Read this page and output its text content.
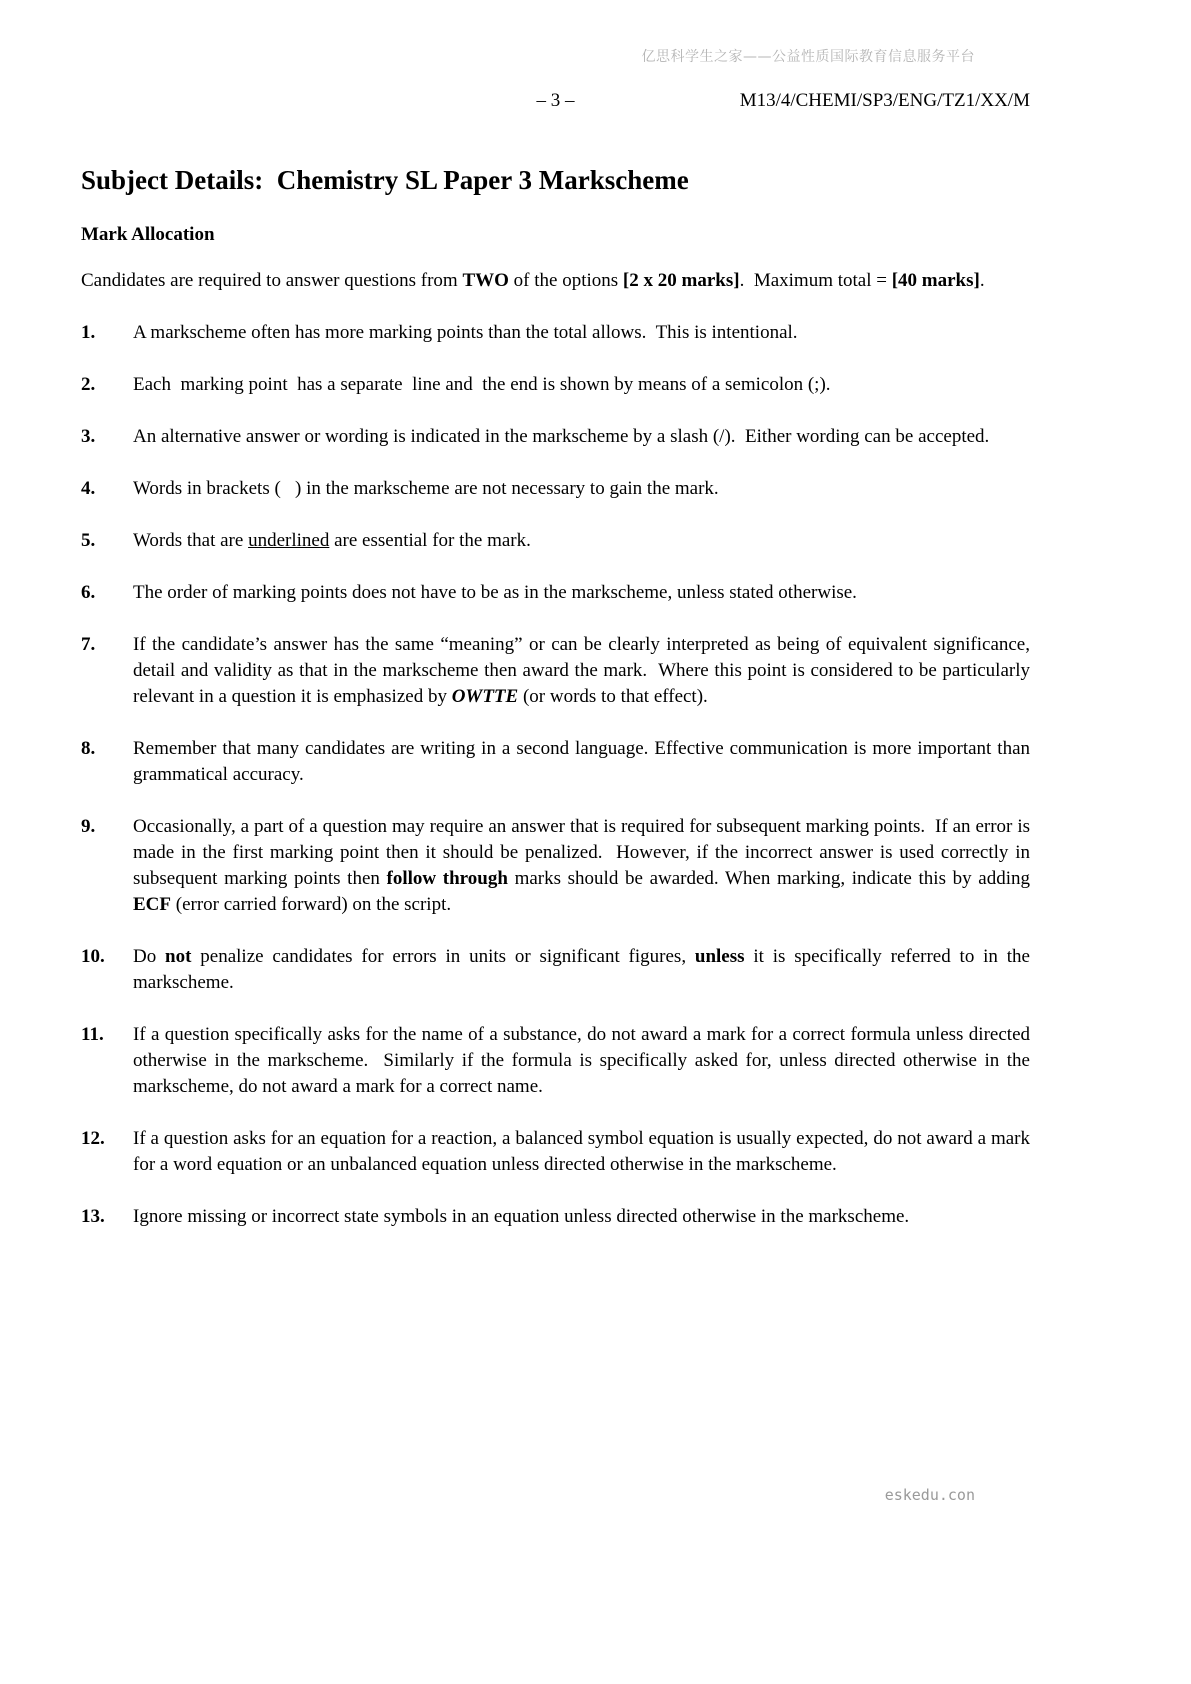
亿思科学生之家——公益性质国际教育信息服务平台
– 3 –	M13/4/CHEMI/SP3/ENG/TZ1/XX/M
Subject Details:  Chemistry SL Paper 3 Markscheme
Mark Allocation

Candidates are required to answer questions from TWO of the options [2 x 20 marks].  Maximum total = [40 marks].

1.	A markscheme often has more marking points than the total allows.  This is intentional.
2.	Each  marking point  has a separate  line and  the end is shown by means of a semicolon (;).
3.	An alternative answer or wording is indicated in the markscheme by a slash (/).  Either wording can be accepted.
4.	Words in brackets (   ) in the markscheme are not necessary to gain the mark.
5.	Words that are underlined are essential for the mark.
6.	The order of marking points does not have to be as in the markscheme, unless stated otherwise.
7.	If the candidate’s answer has the same “meaning” or can be clearly interpreted as being of equivalent significance, detail and validity as that in the markscheme then award the mark.  Where this point is considered to be particularly relevant in a question it is emphasized by OWTTE (or words to that effect).
8.	Remember that many candidates are writing in a second language. Effective communication is more important than grammatical accuracy.
9.	Occasionally, a part of a question may require an answer that is required for subsequent marking points.  If an error is made in the first marking point then it should be penalized.  However, if the incorrect answer is used correctly in subsequent marking points then follow through marks should be awarded. When marking, indicate this by adding ECF (error carried forward) on the script.
10.	Do not penalize candidates for errors in units or significant figures, unless it is specifically referred to in the markscheme.
11.	If a question specifically asks for the name of a substance, do not award a mark for a correct formula unless directed otherwise in the markscheme.  Similarly if the formula is specifically asked for, unless directed otherwise in the markscheme, do not award a mark for a correct name.
12.	If a question asks for an equation for a reaction, a balanced symbol equation is usually expected, do not award a mark for a word equation or an unbalanced equation unless directed otherwise in the markscheme.
13.	Ignore missing or incorrect state symbols in an equation unless directed otherwise in the markscheme.
eskedu.con
